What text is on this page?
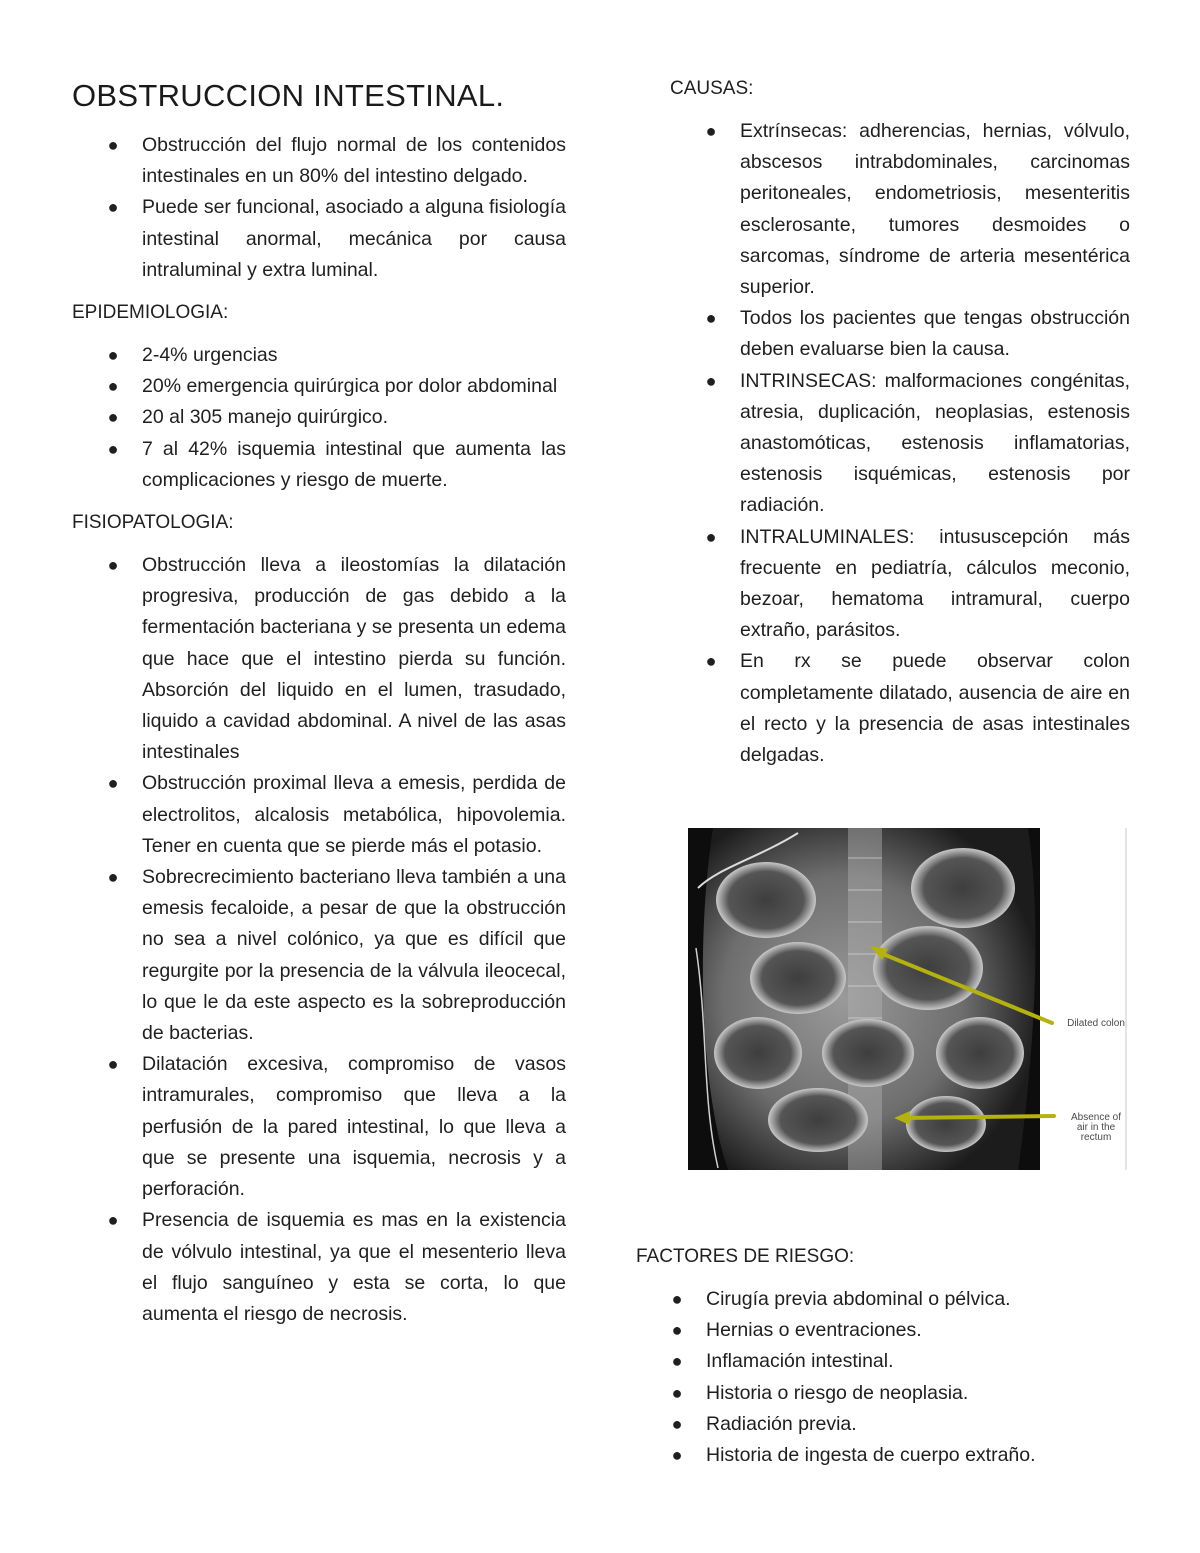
OBSTRUCCION INTESTINAL.
● Obstrucción del flujo normal de los contenidos intestinales en un 80% del intestino delgado.
● Puede ser funcional, asociado a alguna fisiología intestinal anormal, mecánica por causa intraluminal y extra luminal.

EPIDEMIOLOGIA:

● 2-4% urgencias
● 20% emergencia quirúrgica por dolor abdominal
● 20 al 305 manejo quirúrgico.
● 7 al 42% isquemia intestinal que aumenta las complicaciones y riesgo de muerte.

FISIOPATOLOGIA:

● Obstrucción lleva a ileostomías la dilatación progresiva, producción de gas debido a la fermentación bacteriana y se presenta un edema que hace que el intestino pierda su función. Absorción del liquido en el lumen, trasudado, liquido a cavidad abdominal. A nivel de las asas intestinales
● Obstrucción proximal lleva a emesis, perdida de electrolitos, alcalosis metabólica, hipovolemia. Tener en cuenta que se pierde más el potasio.
● Sobrecrecimiento bacteriano lleva también a una emesis fecaloide, a pesar de que la obstrucción no sea a nivel colónico, ya que es difícil que regurgite por la presencia de la válvula ileocecal, lo que le da este aspecto es la sobreproducción de bacterias.
● Dilatación excesiva, compromiso de vasos intramurales, compromiso que lleva a la perfusión de la pared intestinal, lo que lleva a que se presente una isquemia, necrosis y a perforación.
● Presencia de isquemia es mas en la existencia de vólvulo intestinal, ya que el mesenterio lleva el flujo sanguíneo y esta se corta, lo que aumenta el riesgo de necrosis.

CAUSAS:

● Extrínsecas: adherencias, hernias, vólvulo, abscesos intrabdominales, carcinomas peritoneales, endometriosis, mesenteritis esclerosante, tumores desmoides o sarcomas, síndrome de arteria mesentérica superior.
● Todos los pacientes que tengas obstrucción deben evaluarse bien la causa.
● INTRINSECAS: malformaciones congénitas, atresia, duplicación, neoplasias, estenosis anastomóticas, estenosis inflamatorias, estenosis isquémicas, estenosis por radiación.
● INTRALUMINALES: intususcepción más frecuente en pediatría, cálculos meconio, bezoar, hematoma intramural, cuerpo extraño, parásitos.
● En rx se puede observar colon completamente dilatado, ausencia de aire en el recto y la presencia de asas intestinales delgadas.
Dilated colon
Absence of air in the rectum

FACTORES DE RIESGO:

● Cirugía previa abdominal o pélvica.
● Hernias o eventraciones.
● Inflamación intestinal.
● Historia o riesgo de neoplasia.
● Radiación previa.
● Historia de ingesta de cuerpo extraño.
